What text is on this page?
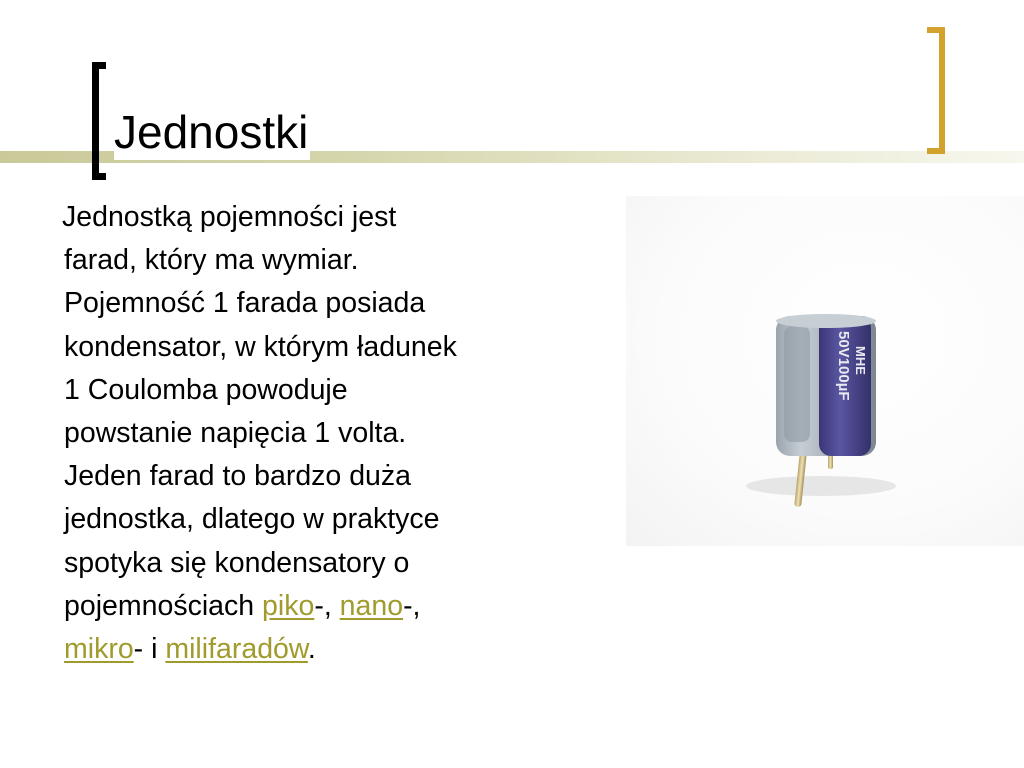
Jednostki
Jednostką pojemności jest
farad, który ma wymiar.
Pojemność 1 farada posiada
kondensator, w którym ładunek
1 Coulomba powoduje
powstanie napięcia 1 volta.
Jeden farad to bardzo duża
jednostka, dlatego w praktyce
spotyka się kondensatory o
pojemnościach piko-, nano-,
mikro- i milifaradów.
50V100µF MHE
